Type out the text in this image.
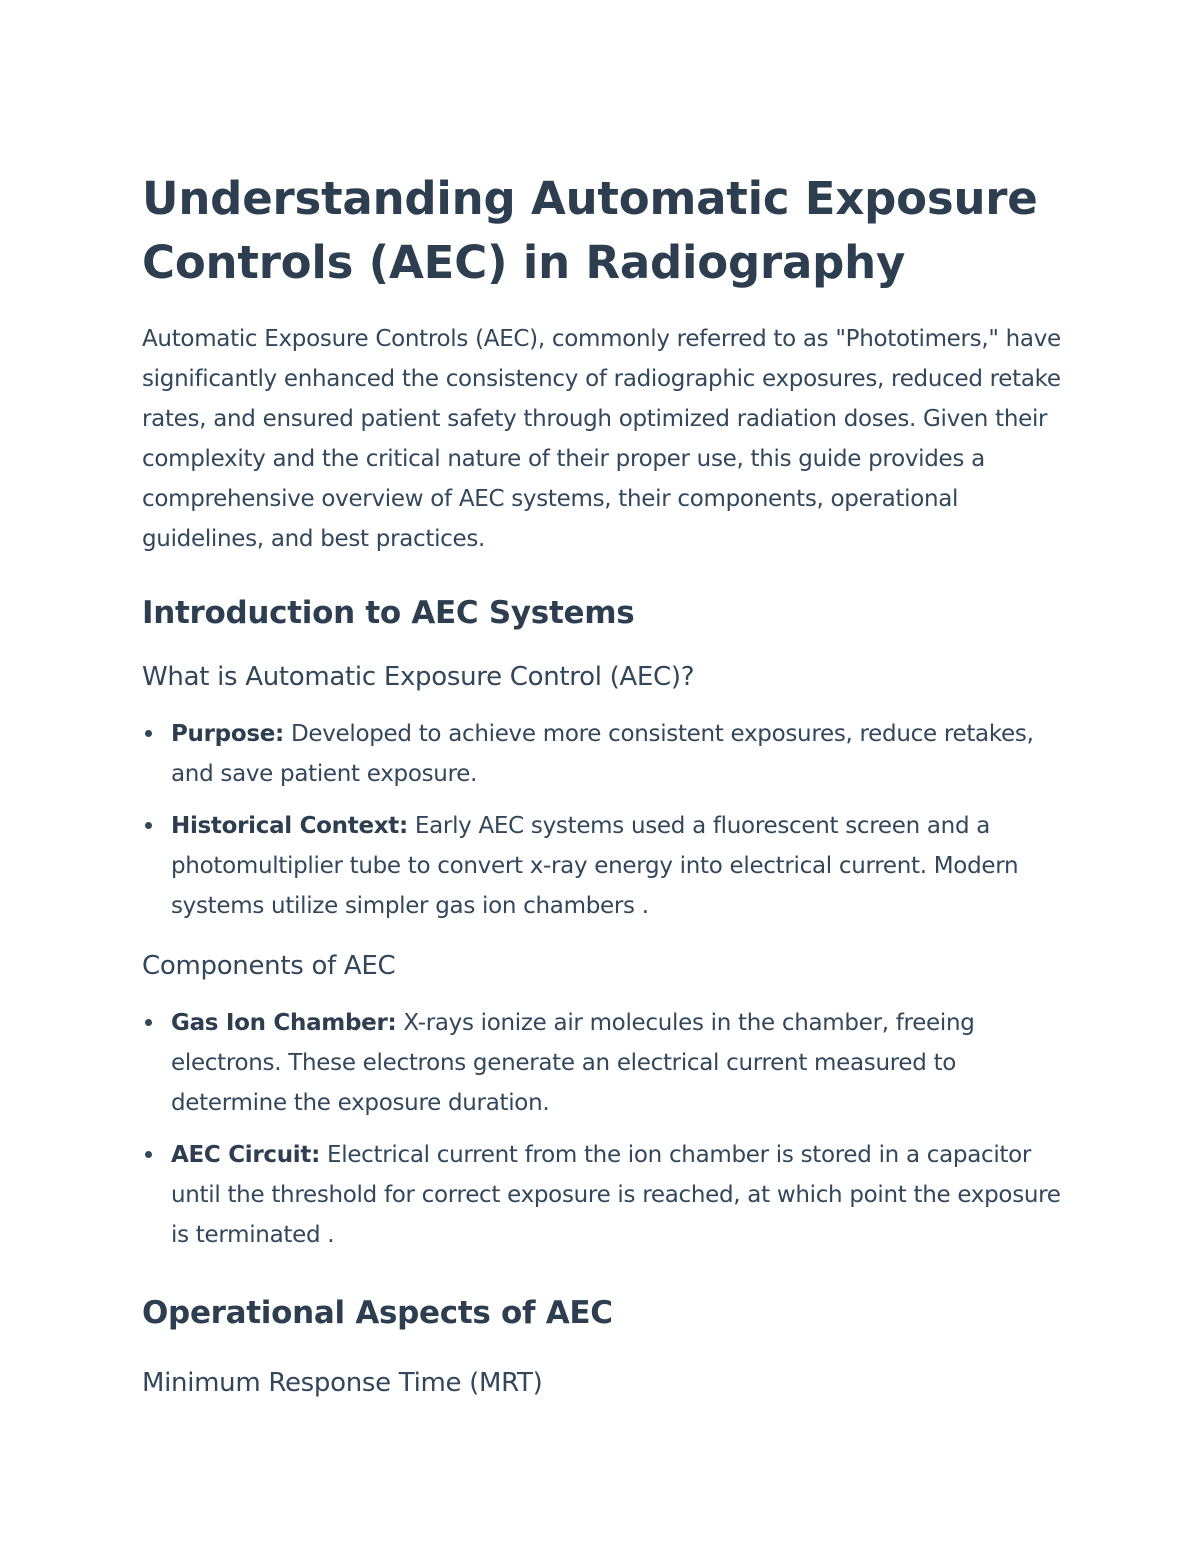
Understanding Automatic Exposure Controls (AEC) in Radiography

Automatic Exposure Controls (AEC), commonly referred to as "Phototimers," have significantly enhanced the consistency of radiographic exposures, reduced retake rates, and ensured patient safety through optimized radiation doses. Given their complexity and the critical nature of their proper use, this guide provides a comprehensive overview of AEC systems, their components, operational guidelines, and best practices.

Introduction to AEC Systems
What is Automatic Exposure Control (AEC)?
Purpose: Developed to achieve more consistent exposures, reduce retakes, and save patient exposure.
Historical Context: Early AEC systems used a fluorescent screen and a photomultiplier tube to convert x-ray energy into electrical current. Modern systems utilize simpler gas ion chambers .
Components of AEC
Gas Ion Chamber: X-rays ionize air molecules in the chamber, freeing electrons. These electrons generate an electrical current measured to determine the exposure duration.
AEC Circuit: Electrical current from the ion chamber is stored in a capacitor until the threshold for correct exposure is reached, at which point the exposure is terminated .
Operational Aspects of AEC
Minimum Response Time (MRT)
